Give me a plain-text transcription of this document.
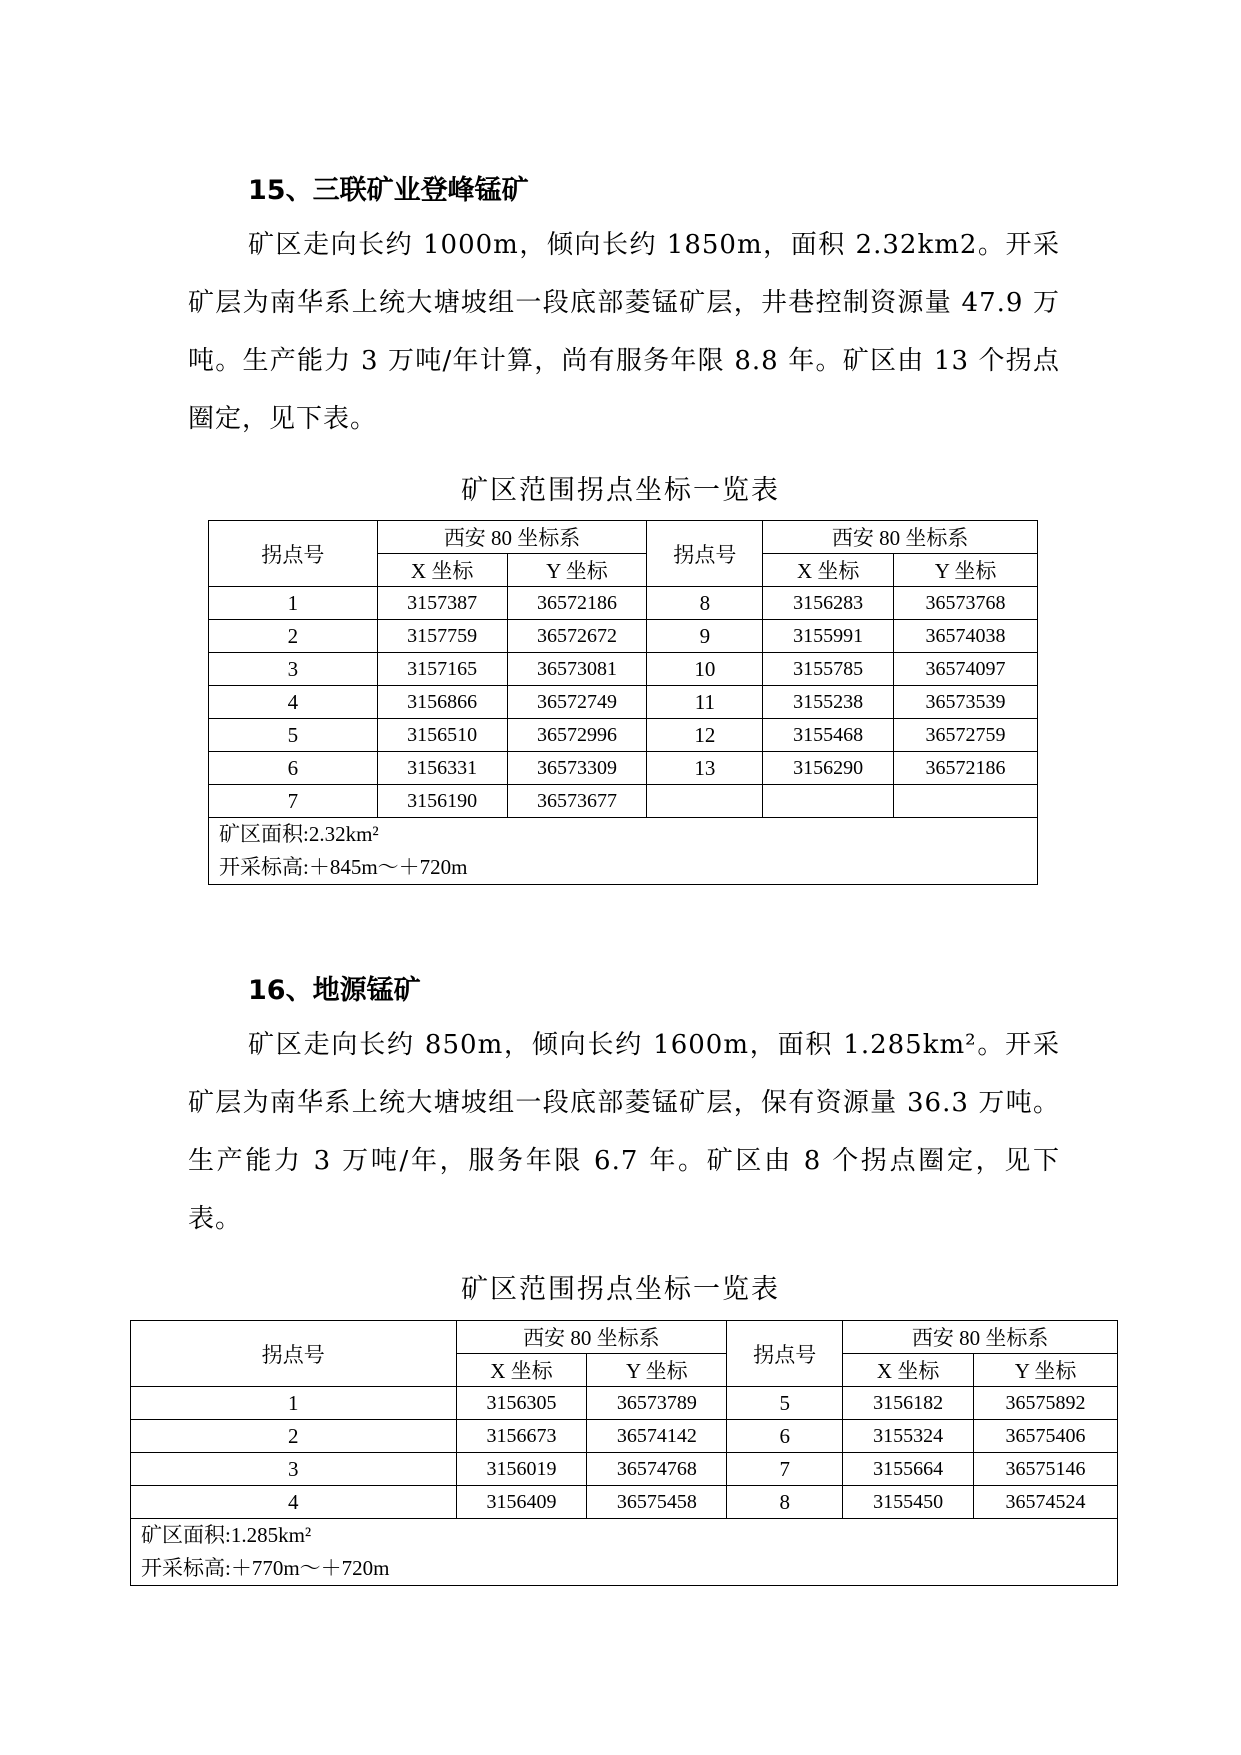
15、三联矿业登峰锰矿

矿区走向长约 1000m，倾向长约 1850m，面积 2.32km2。开采矿层为南华系上统大塘坡组一段底部菱锰矿层，井巷控制资源量 47.9 万吨。生产能力 3 万吨/年计算，尚有服务年限 8.8 年。矿区由 13 个拐点圈定，见下表。

矿区范围拐点坐标一览表

拐点号	西安 80 坐标系		拐点号	西安 80 坐标系	
	X 坐标	Y 坐标		X 坐标	Y 坐标
1	3157387	36572186	8	3156283	36573768
2	3157759	36572672	9	3155991	36574038
3	3157165	36573081	10	3155785	36574097
4	3156866	36572749	11	3155238	36573539
5	3156510	36572996	12	3155468	36572759
6	3156331	36573309	13	3156290	36572186
7	3156190	36573677			

矿区面积:2.32km²
开采标高:＋845m～＋720m					
16、地源锰矿

矿区走向长约 850m，倾向长约 1600m，面积 1.285km²。开采矿层为南华系上统大塘坡组一段底部菱锰矿层，保有资源量 36.3 万吨。生产能力 3 万吨/年，服务年限 6.7 年。矿区由 8 个拐点圈定，见下表。

矿区范围拐点坐标一览表

拐点号	西安 80 坐标系		拐点号	西安 80 坐标系	
	X 坐标	Y 坐标		X 坐标	Y 坐标
1	3156305	36573789	5	3156182	36575892
2	3156673	36574142	6	3155324	36575406
3	3156019	36574768	7	3155664	36575146
4	3156409	36575458	8	3155450	36574524

矿区面积:1.285km²
开采标高:＋770m～＋720m					
